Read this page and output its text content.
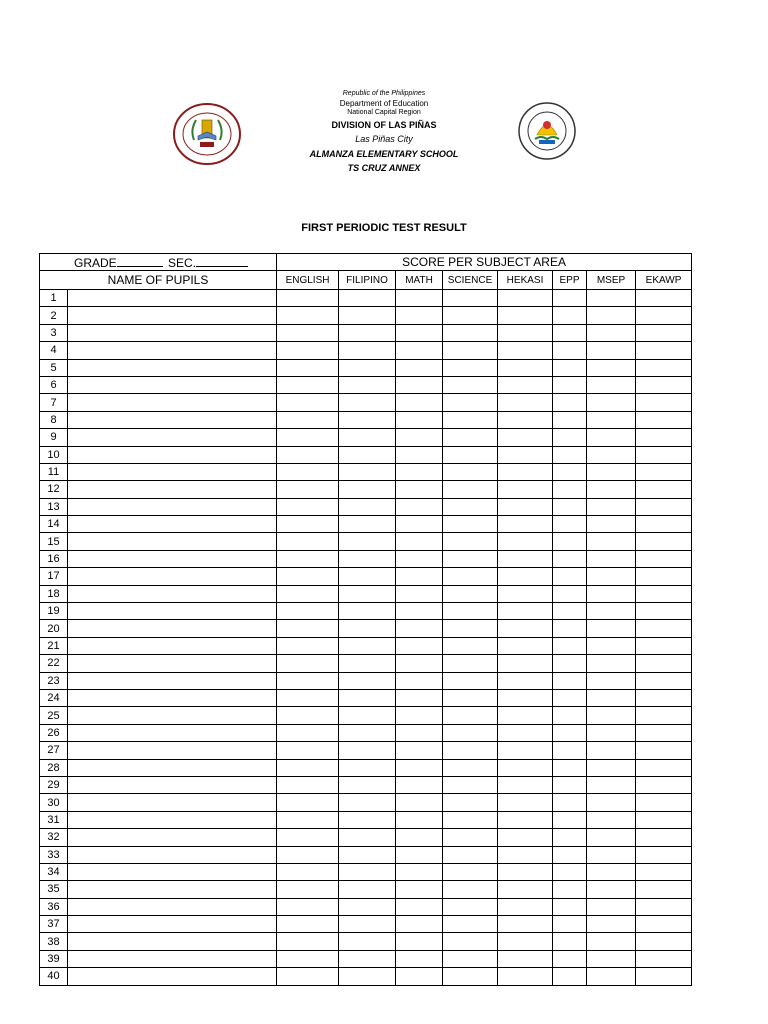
Republic of the Philippines
Department of Education
National Capital Region
DIVISION OF LAS PIÑAS
Las Piñas City
ALMANZA ELEMENTARY SCHOOL
TS CRUZ ANNEX
FIRST PERIODIC TEST RESULT
GRADE SEC.		SCORE PER SUBJECT AREA							
NAME OF PUPILS		ENGLISH	FILIPINO	MATH	SCIENCE	HEKASI	EPP	MSEP	EKAWP
1									
2									
3									
4									
5									
6									
7									
8									
9									
10									
11									
12									
13									
14									
15									
16									
17									
18									
19									
20									
21									
22									
23									
24									
25									
26									
27									
28									
29									
30									
31									
32									
33									
34									
35									
36									
37									
38									
39									
40									
